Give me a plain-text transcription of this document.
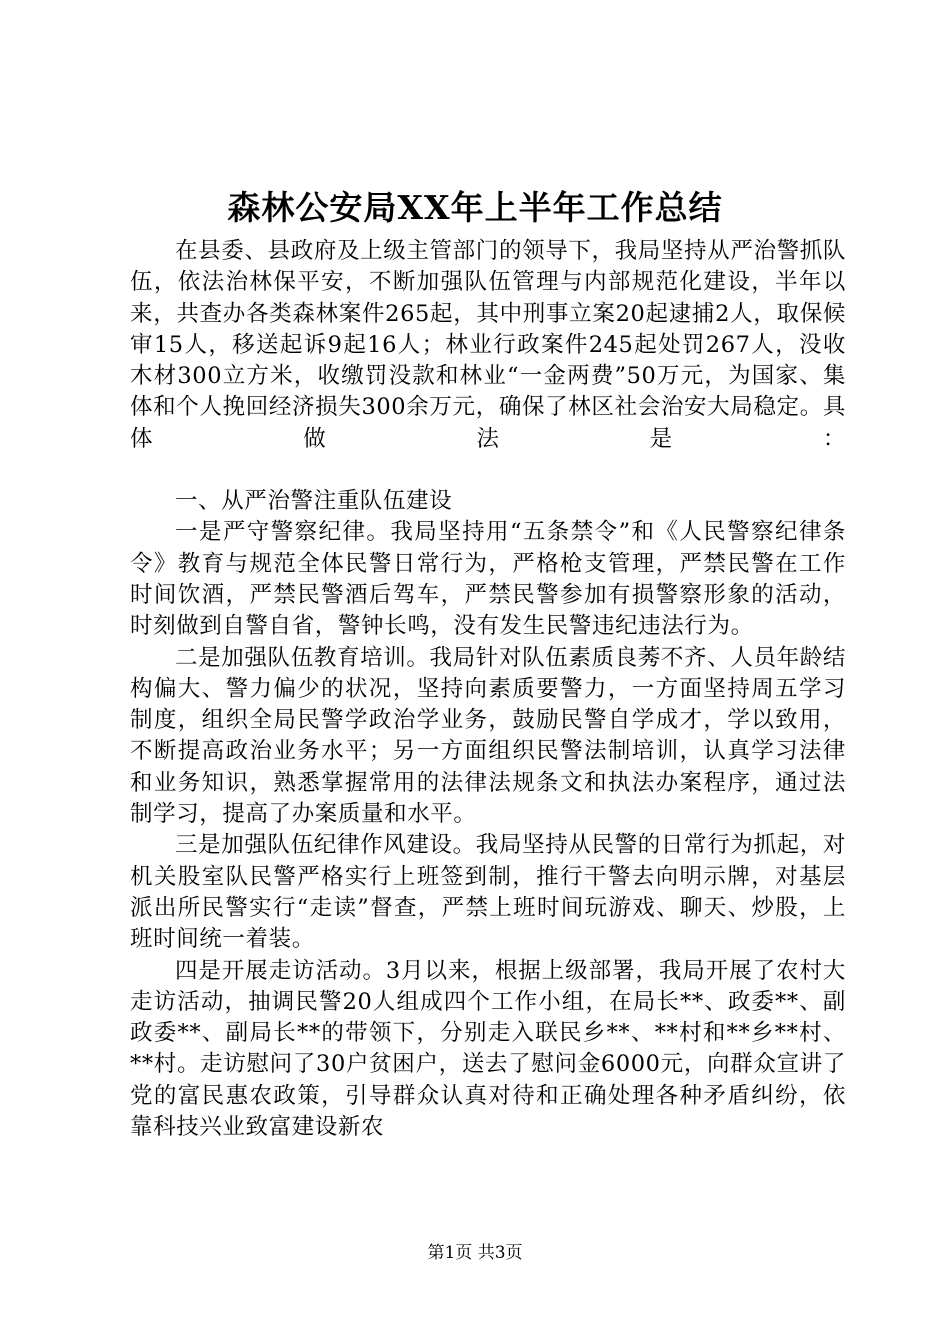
森林公安局XX年上半年工作总结

在县委、县政府及上级主管部门的领导下，我局坚持从严治警抓队伍，依法治林保平安，不断加强队伍管理与内部规范化建设，半年以来，共查办各类森林案件265起，其中刑事立案20起逮捕2人，取保候审15人，移送起诉9起16人；林业行政案件245起处罚267人，没收木材300立方米，收缴罚没款和林业“一金两费”50万元，为国家、集体和个人挽回经济损失300余万元，确保了林区社会治安大局稳定。具体做法是：

一、从严治警注重队伍建设

一是严守警察纪律。我局坚持用“五条禁令”和《人民警察纪律条令》教育与规范全体民警日常行为，严格枪支管理，严禁民警在工作时间饮酒，严禁民警酒后驾车，严禁民警参加有损警察形象的活动，时刻做到自警自省，警钟长鸣，没有发生民警违纪违法行为。

二是加强队伍教育培训。我局针对队伍素质良莠不齐、人员年龄结构偏大、警力偏少的状况，坚持向素质要警力，一方面坚持周五学习制度，组织全局民警学政治学业务，鼓励民警自学成才，学以致用，不断提高政治业务水平；另一方面组织民警法制培训，认真学习法律和业务知识，熟悉掌握常用的法律法规条文和执法办案程序，通过法制学习，提高了办案质量和水平。

三是加强队伍纪律作风建设。我局坚持从民警的日常行为抓起，对机关股室队民警严格实行上班签到制，推行干警去向明示牌，对基层派出所民警实行“走读”督查，严禁上班时间玩游戏、聊天、炒股，上班时间统一着装。

四是开展走访活动。3月以来，根据上级部署，我局开展了农村大走访活动，抽调民警20人组成四个工作小组，在局长**、政委**、副政委**、副局长**的带领下，分别走入联民乡**、**村和**乡**村、**村。走访慰问了30户贫困户，送去了慰问金6000元，向群众宣讲了党的富民惠农政策，引导群众认真对待和正确处理各种矛盾纠纷，依靠科技兴业致富建设新农

第1页 共3页
